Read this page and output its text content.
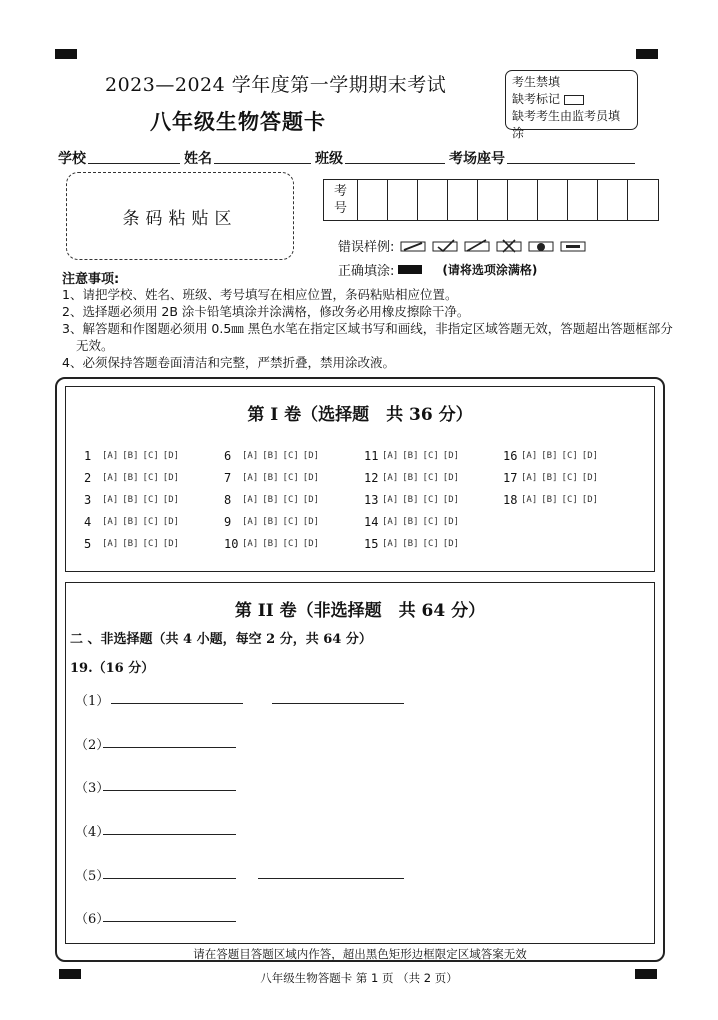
2023—2024 学年度第一学期期末考试
八年级生物答题卡
考生禁填
缺考标记
缺考考生由监考员填涂
学校	姓名	班级	考场座号
条码粘贴区
考
号
错误样例:
正确填涂:	(请将选项涂满格)
注意事项:
1、请把学校、姓名、班级、考号填写在相应位置，条码粘贴相应位置。
2、选择题必须用 2B 涂卡铅笔填涂并涂满格，修改务必用橡皮擦除干净。
3、解答题和作图题必须用 0.5㎜ 黑色水笔在指定区域书写和画线，非指定区域答题无效，答题超出答题框部分无效。
4、必须保持答题卷面清洁和完整，严禁折叠，禁用涂改液。
第 I 卷（选择题　共 36 分）
1	[A] [B] [C] [D]
2	[A] [B] [C] [D]
3	[A] [B] [C] [D]
4	[A] [B] [C] [D]
5	[A] [B] [C] [D]
6	[A] [B] [C] [D]
7	[A] [B] [C] [D]
8	[A] [B] [C] [D]
9	[A] [B] [C] [D]
10 [A] [B] [C] [D]
11 [A] [B] [C] [D]
12 [A] [B] [C] [D]
13 [A] [B] [C] [D]
14 [A] [B] [C] [D]
15 [A] [B] [C] [D]
16 [A] [B] [C] [D]
17 [A] [B] [C] [D]
18 [A] [B] [C] [D]
第 II 卷（非选择题　共 64 分）
二 、非选择题（共 4 小题，每空 2 分，共 64 分）
19.（16 分）
（1）
（2）
（3）
（4）
（5）
（6）
请在答题目答题区域内作答，超出黑色矩形边框限定区域答案无效
八年级生物答题卡 第 1 页 （共 2 页）
